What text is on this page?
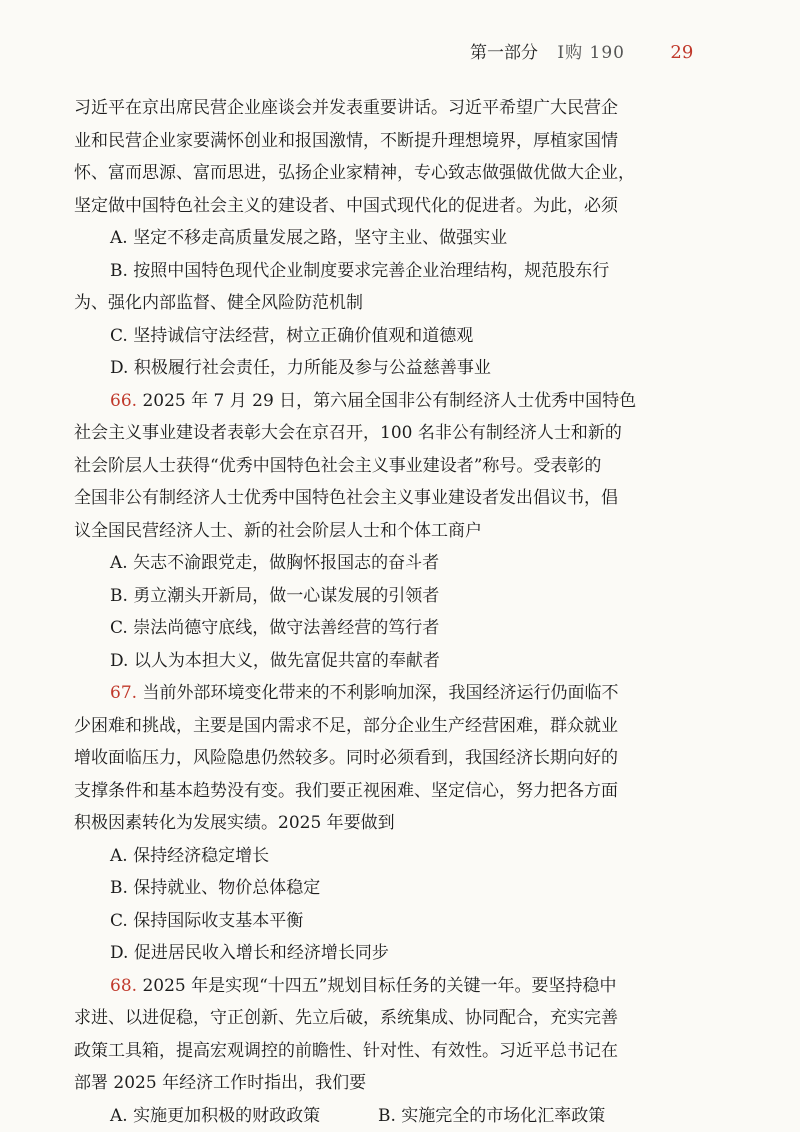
第一部分 I购 190	29
习近平在京出席民营企业座谈会并发表重要讲话。习近平希望广大民营企
业和民营企业家要满怀创业和报国激情，不断提升理想境界，厚植家国情
怀、富而思源、富而思进，弘扬企业家精神，专心致志做强做优做大企业，
坚定做中国特色社会主义的建设者、中国式现代化的促进者。为此，必须
A. 坚定不移走高质量发展之路，坚守主业、做强实业
B. 按照中国特色现代企业制度要求完善企业治理结构，规范股东行
为、强化内部监督、健全风险防范机制
C. 坚持诚信守法经营，树立正确价值观和道德观
D. 积极履行社会责任，力所能及参与公益慈善事业
66. 2025 年 7 月 29 日，第六届全国非公有制经济人士优秀中国特色
社会主义事业建设者表彰大会在京召开，100 名非公有制经济人士和新的
社会阶层人士获得“优秀中国特色社会主义事业建设者”称号。受表彰的
全国非公有制经济人士优秀中国特色社会主义事业建设者发出倡议书，倡
议全国民营经济人士、新的社会阶层人士和个体工商户
A. 矢志不渝跟党走，做胸怀报国志的奋斗者
B. 勇立潮头开新局，做一心谋发展的引领者
C. 崇法尚德守底线，做守法善经营的笃行者
D. 以人为本担大义，做先富促共富的奉献者
67. 当前外部环境变化带来的不利影响加深，我国经济运行仍面临不
少困难和挑战，主要是国内需求不足，部分企业生产经营困难，群众就业
增收面临压力，风险隐患仍然较多。同时必须看到，我国经济长期向好的
支撑条件和基本趋势没有变。我们要正视困难、坚定信心，努力把各方面
积极因素转化为发展实绩。2025 年要做到
A. 保持经济稳定增长
B. 保持就业、物价总体稳定
C. 保持国际收支基本平衡
D. 促进居民收入增长和经济增长同步
68. 2025 年是实现“十四五”规划目标任务的关键一年。要坚持稳中
求进、以进促稳，守正创新、先立后破，系统集成、协同配合，充实完善
政策工具箱，提高宏观调控的前瞻性、针对性、有效性。习近平总书记在
部署 2025 年经济工作时指出，我们要
A. 实施更加积极的财政政策	B. 实施完全的市场化汇率政策
